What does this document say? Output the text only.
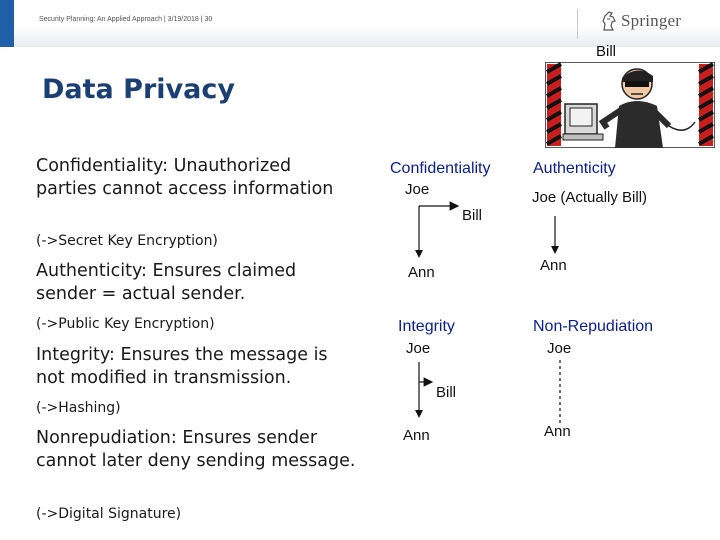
Security Planning: An Applied Approach | 3/19/2018 | 30	Springer
Data Privacy
Confidentiality: Unauthorized parties cannot access information
(->Secret Key Encryption)
Authenticity: Ensures claimed sender = actual sender.
(->Public Key Encryption)
Integrity: Ensures the message is not modified in transmission.
(->Hashing)
Nonrepudiation: Ensures sender cannot later deny sending message.
(->Digital Signature)
Bill
Confidentiality
Joe
Bill
Ann
Authenticity
Joe (Actually Bill)
Ann
Integrity
Joe
Bill
Ann
Non-Repudiation
Joe
Ann
